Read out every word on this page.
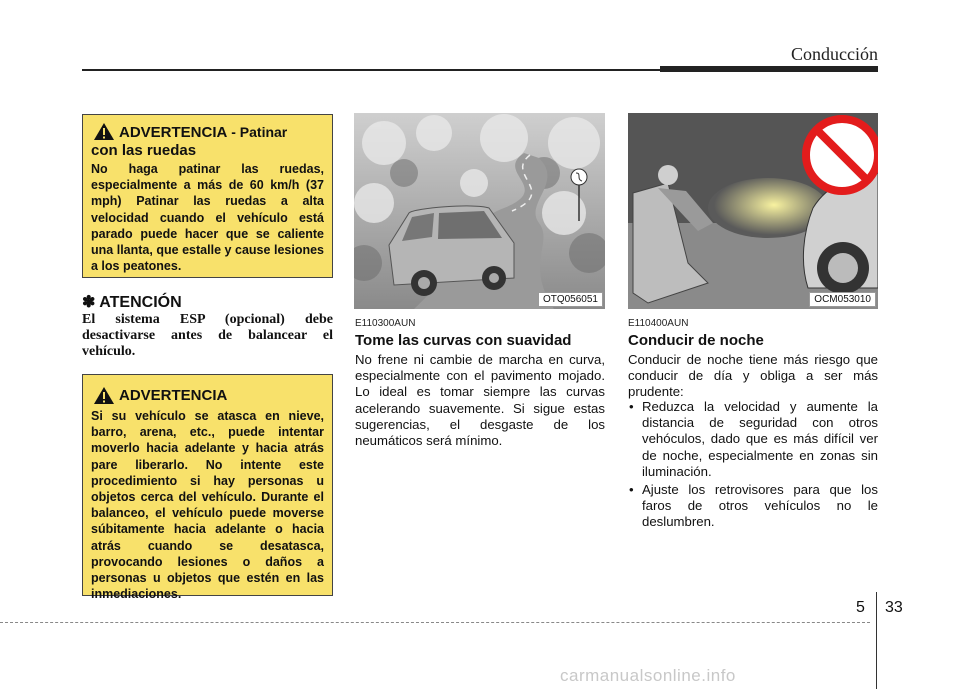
Conducción
ADVERTENCIA - Patinar
con las ruedas
No haga patinar las ruedas, especialmente a más de 60 km/h (37 mph) Patinar las ruedas a alta velocidad cuando el vehículo está parado puede hacer que se caliente una llanta, que estalle y cause lesiones a los peatones.
✽ ATENCIÓN
El sistema ESP (opcional) debe desactivarse antes de balancear el vehículo.
ADVERTENCIA
Si su vehículo se atasca en nieve, barro, arena, etc., puede intentar moverlo hacia adelante y hacia atrás pare liberarlo. No intente este procedimiento si hay personas u objetos cerca del vehículo. Durante el balanceo, el vehículo puede moverse súbitamente hacia adelante o hacia atrás cuando se desatasca, provocando lesiones o daños a personas u objetos que estén en las inmediaciones.
OTQ056051
E110300AUN
Tome las curvas con suavidad
No frene ni cambie de marcha en curva, especialmente con el pavimento mojado. Lo ideal es tomar siempre las curvas acelerando suavemente. Si sigue estas sugerencias, el desgaste de los neumáticos será mínimo.
OCM053010
E110400AUN
Conducir de noche
Conducir de noche tiene más riesgo que conducir de día y obliga a ser más prudente:
• Reduzca la velocidad y aumente la distancia de seguridad con otros vehóculos, dado que es más difícil ver de noche, especialmente en zonas sin iluminación.
• Ajuste los retrovisores para que los faros de otros vehículos no le deslumbren.
5 33
carmanualsonline.info
